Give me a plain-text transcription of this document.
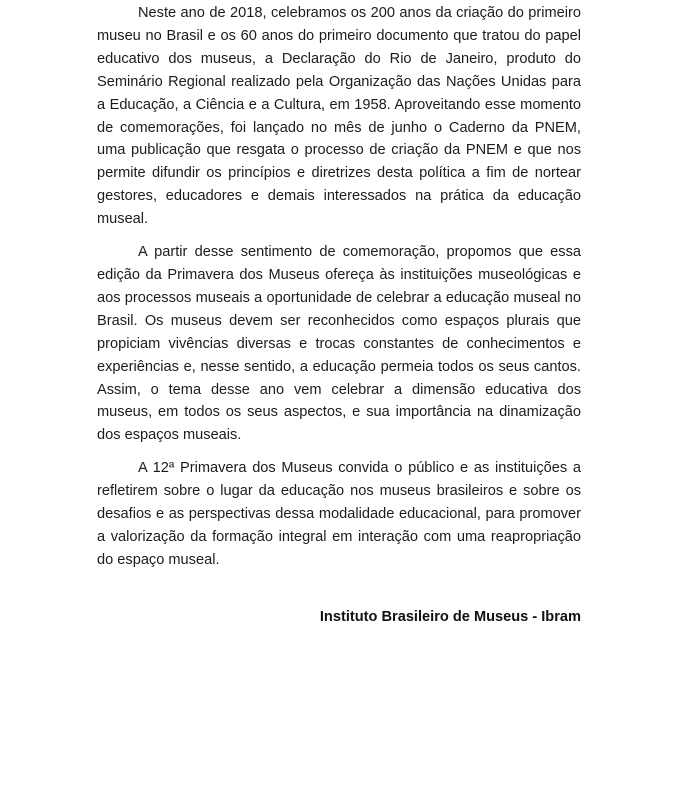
Neste ano de 2018, celebramos os 200 anos da criação do primeiro museu no Brasil e os 60 anos do primeiro documento que tratou do papel educativo dos museus, a Declaração do Rio de Janeiro, produto do Seminário Regional realizado pela Organização das Nações Unidas para a Educação, a Ciência e a Cultura, em 1958. Aproveitando esse momento de comemorações, foi lançado no mês de junho o Caderno da PNEM, uma publicação que resgata o processo de criação da PNEM e que nos permite difundir os princípios e diretrizes desta política a fim de nortear gestores, educadores e demais interessados na prática da educação museal.

A partir desse sentimento de comemoração, propomos que essa edição da Primavera dos Museus ofereça às instituições museológicas e aos processos museais a oportunidade de celebrar a educação museal no Brasil. Os museus devem ser reconhecidos como espaços plurais que propiciam vivências diversas e trocas constantes de conhecimentos e experiências e, nesse sentido, a educação permeia todos os seus cantos. Assim, o tema desse ano vem celebrar a dimensão educativa dos museus, em todos os seus aspectos, e sua importância na dinamização dos espaços museais.

A 12ª Primavera dos Museus convida o público e as instituições a refletirem sobre o lugar da educação nos museus brasileiros e sobre os desafios e as perspectivas dessa modalidade educacional, para promover a valorização da formação integral em interação com uma reapropriação do espaço museal.

Instituto Brasileiro de Museus - Ibram
